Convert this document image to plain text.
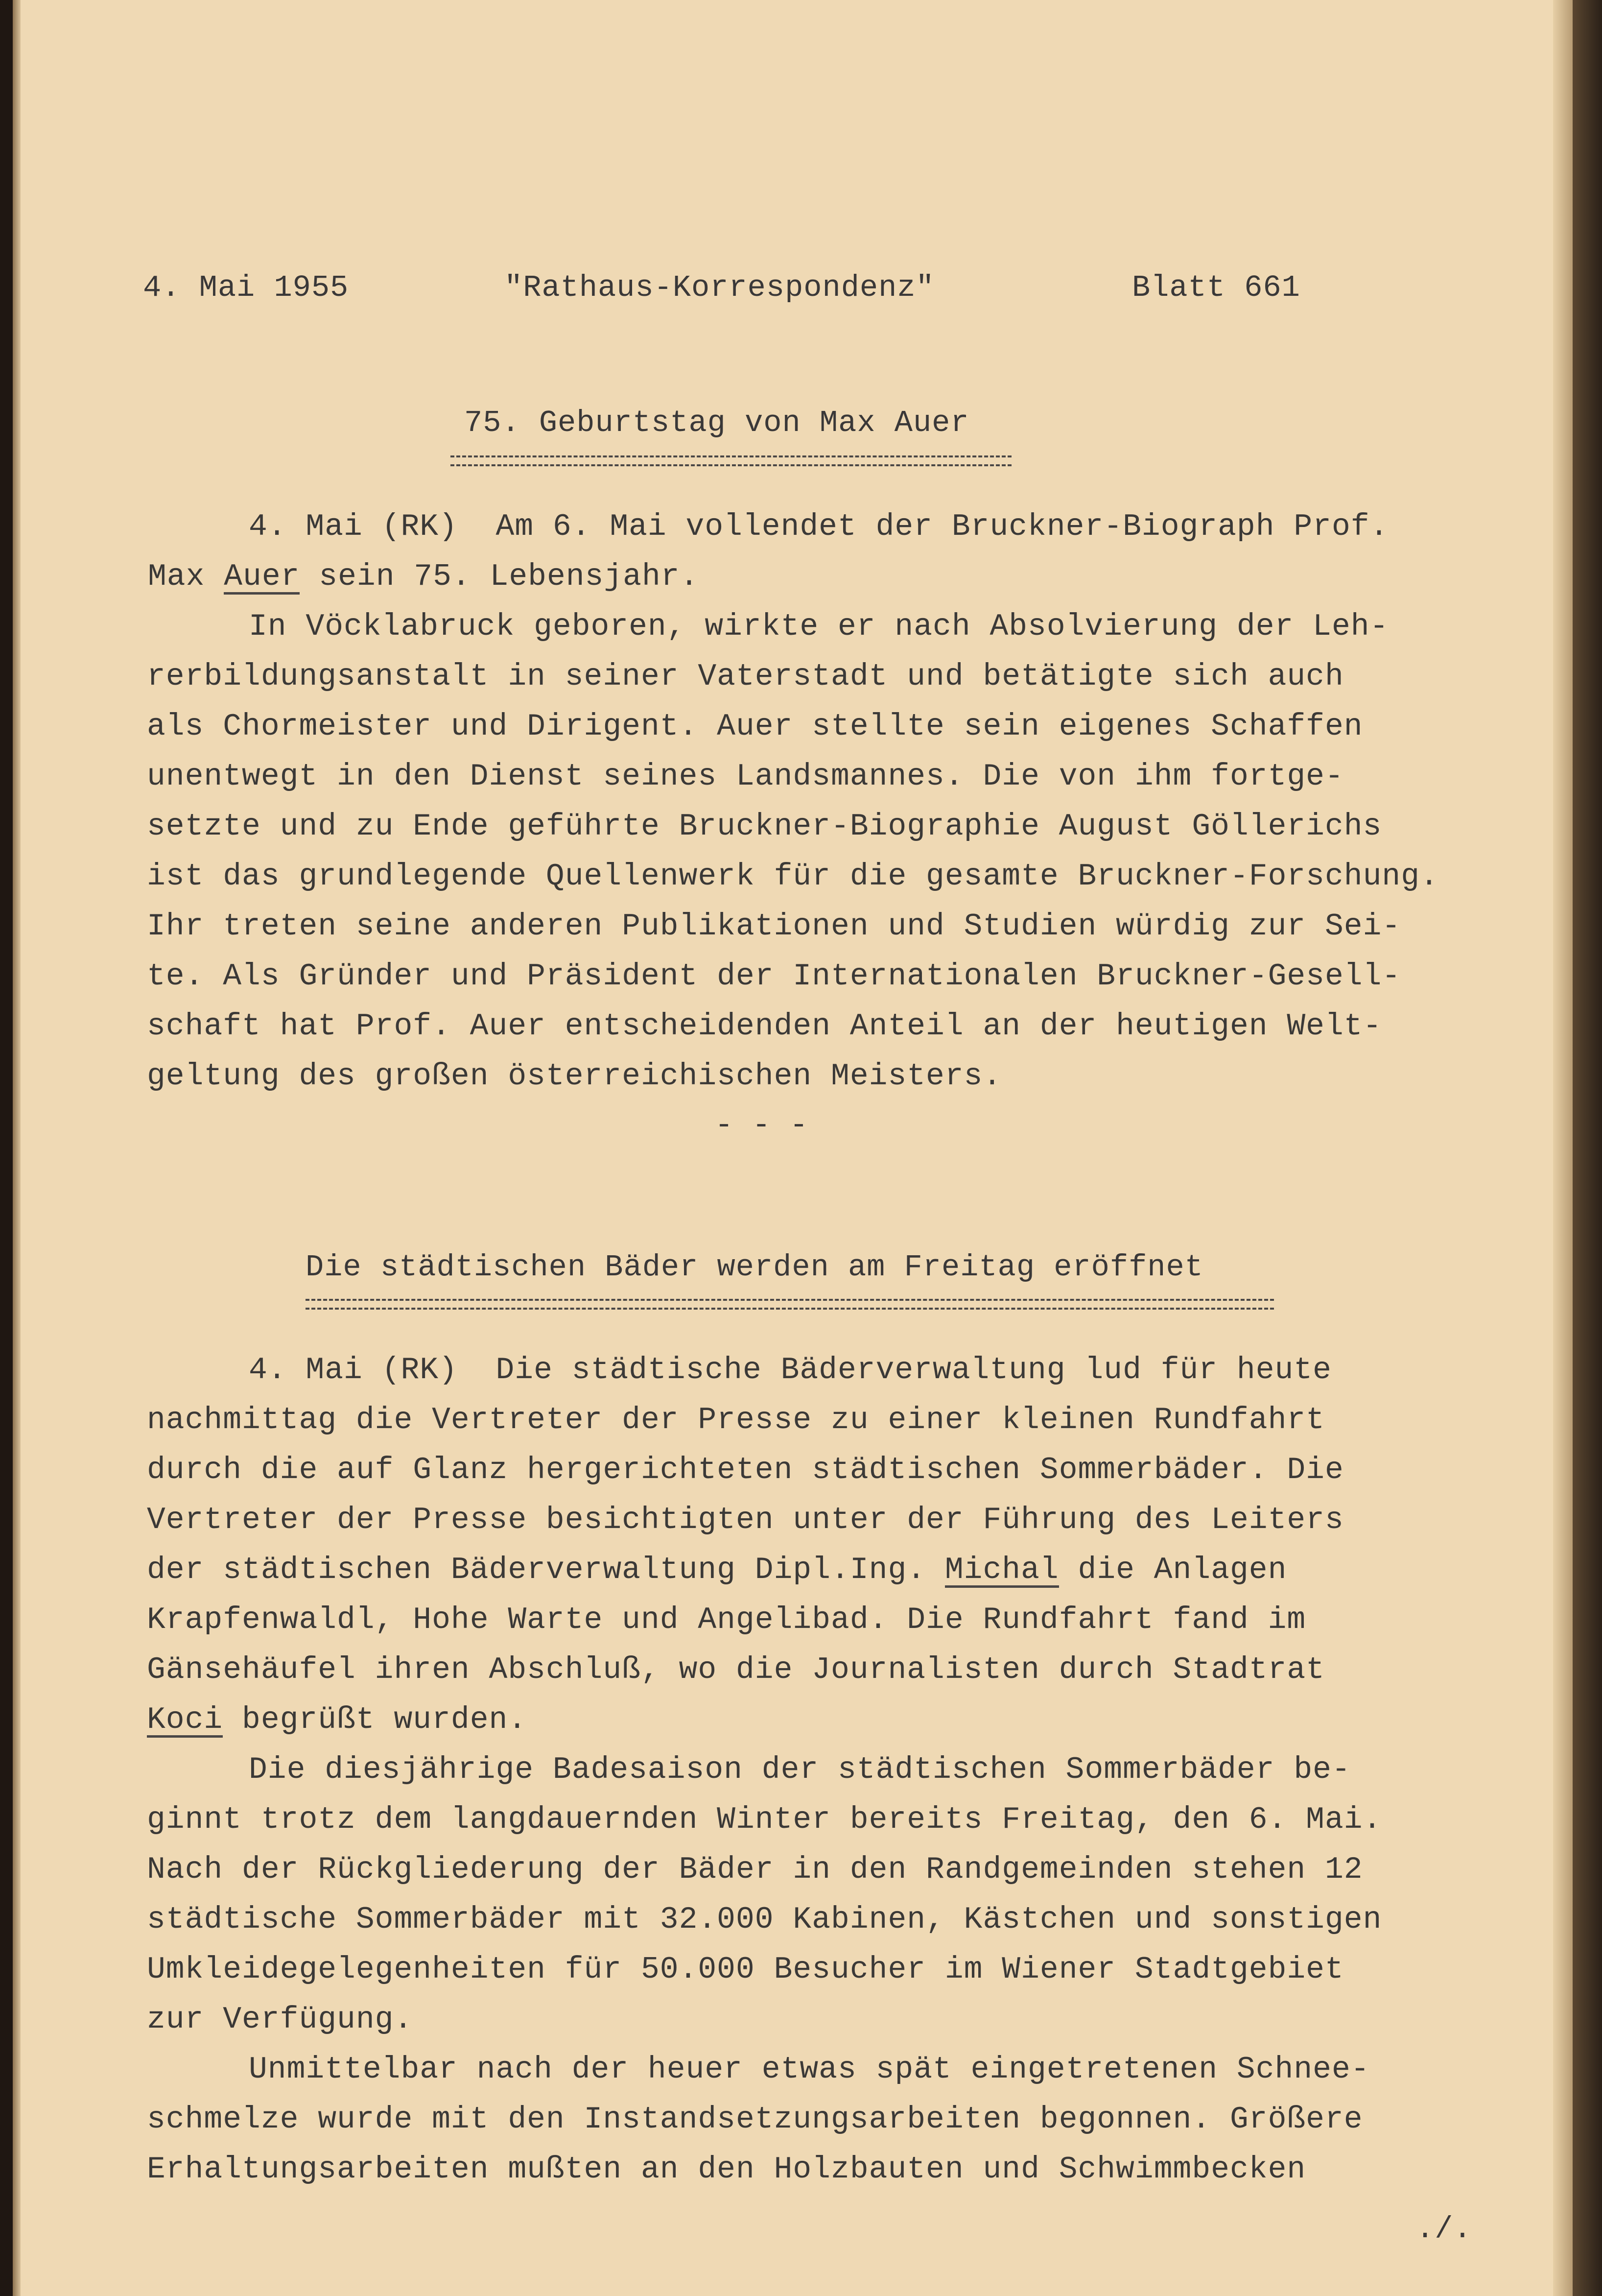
4. Mai 1955	"Rathaus-Korrespondenz"	Blatt 661
75. Geburtstag von Max Auer
4. Mai (RK)  Am 6. Mai vollendet der Bruckner-Biograph Prof.
Max Auer sein 75. Lebensjahr.
In Vöcklabruck geboren, wirkte er nach Absolvierung der Leh-
rerbildungsanstalt in seiner Vaterstadt und betätigte sich auch
als Chormeister und Dirigent. Auer stellte sein eigenes Schaffen
unentwegt in den Dienst seines Landsmannes. Die von ihm fortge-
setzte und zu Ende geführte Bruckner-Biographie August Göllerichs
ist das grundlegende Quellenwerk für die gesamte Bruckner-Forschung.
Ihr treten seine anderen Publikationen und Studien würdig zur Sei-
te. Als Gründer und Präsident der Internationalen Bruckner-Gesell-
schaft hat Prof. Auer entscheidenden Anteil an der heutigen Welt-
geltung des großen österreichischen Meisters.
- - -
Die städtischen Bäder werden am Freitag eröffnet
4. Mai (RK)  Die städtische Bäderverwaltung lud für heute
nachmittag die Vertreter der Presse zu einer kleinen Rundfahrt
durch die auf Glanz hergerichteten städtischen Sommerbäder. Die
Vertreter der Presse besichtigten unter der Führung des Leiters
der städtischen Bäderverwaltung Dipl.Ing. Michal die Anlagen
Krapfenwaldl, Hohe Warte und Angelibad. Die Rundfahrt fand im
Gänsehäufel ihren Abschluß, wo die Journalisten durch Stadtrat
Koci begrüßt wurden.
Die diesjährige Badesaison der städtischen Sommerbäder be-
ginnt trotz dem langdauernden Winter bereits Freitag, den 6. Mai.
Nach der Rückgliederung der Bäder in den Randgemeinden stehen 12
städtische Sommerbäder mit 32.000 Kabinen, Kästchen und sonstigen
Umkleidegelegenheiten für 50.000 Besucher im Wiener Stadtgebiet
zur Verfügung.
Unmittelbar nach der heuer etwas spät eingetretenen Schnee-
schmelze wurde mit den Instandsetzungsarbeiten begonnen. Größere
Erhaltungsarbeiten mußten an den Holzbauten und Schwimmbecken
./.
